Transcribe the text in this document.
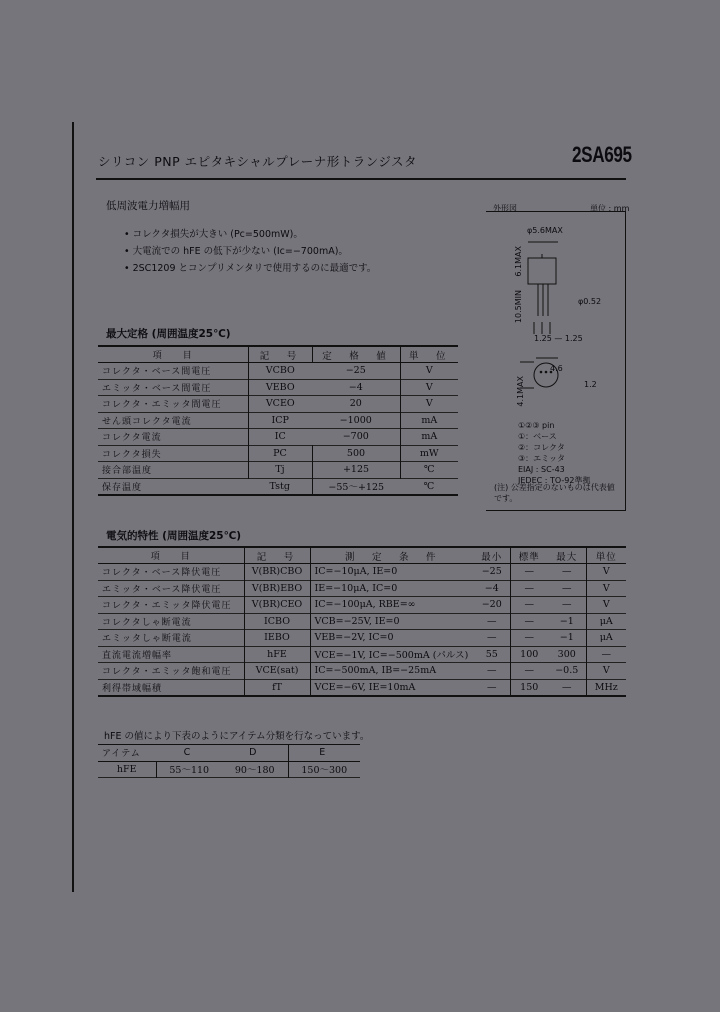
シリコン PNP エピタキシャルプレーナ形トランジスタ	2SA695
低周波電力増幅用
• コレクタ損失が大きい (Pc=500mW)。
• 大電流での hFE の低下が少ない (Ic=−700mA)。
• 2SC1209 とコンプリメンタリで使用するのに最適です。
外形図	単位 : mm
φ5.6MAX
6.1MAX
10.5MIN	φ0.52
1.25 — 1.25
4.6
4.1MAX	1.2
①②③ pin
①：ベース
②：コレクタ
③：エミッタ
EIAJ : SC-43
JEDEC : TO-92準拠
(注) 公差指定のないものは代表値です。
最大定格 (周囲温度25℃)
項　　目	記　号	定　格　値	単　位
コレクタ・ベース間電圧	VCBO	−25	V
エミッタ・ベース間電圧	VEBO	−4	V
コレクタ・エミッタ間電圧	VCEO	20	V
せん頭コレクタ電流	ICP	−1000	mA
コレクタ電流	IC	−700	mA
コレクタ損失	PC	500	mW
接合部温度	Tj	+125	℃
保存温度	Tstg	−55〜+125	℃
電気的特性 (周囲温度25℃)
項　　目	記　号	測　定　条　件	最小	標準	最大	単位
コレクタ・ベース降伏電圧	V(BR)CBO	IC=−10μA, IE=0	−25	—	—	V
エミッタ・ベース降伏電圧	V(BR)EBO	IE=−10μA, IC=0	−4	—	—	V
コレクタ・エミッタ降伏電圧	V(BR)CEO	IC=−100μA, RBE=∞	−20	—	—	V
コレクタしゃ断電流	ICBO	VCB=−25V, IE=0	—	—	−1	μA
エミッタしゃ断電流	IEBO	VEB=−2V, IC=0	—	—	−1	μA
直流電流増幅率	hFE	VCE=−1V, IC=−500mA (パルス)	55	100	300	—
コレクタ・エミッタ飽和電圧	VCE(sat)	IC=−500mA, IB=−25mA	—	—	−0.5	V
利得帯域幅積	fT	VCE=−6V, IE=10mA	—	150	—	MHz
hFE の値により下表のようにアイテム分類を行なっています。
アイテム	C	D	E
hFE	55〜110	90〜180	150〜300
